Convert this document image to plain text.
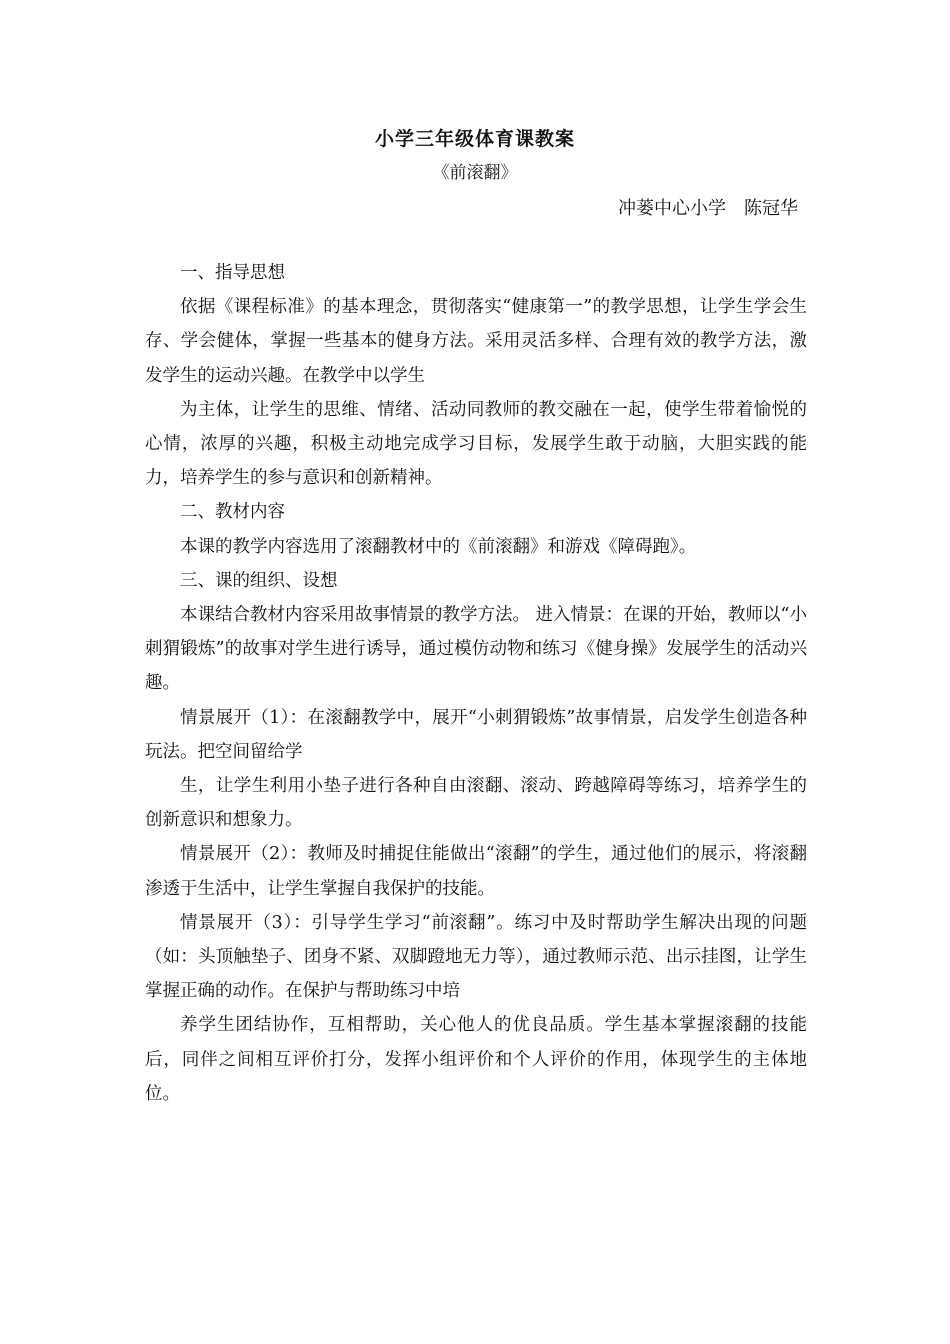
小学三年级体育课教案
《前滚翻》
冲蒌中心小学　陈冠华

一、指导思想

依据《课程标准》的基本理念，贯彻落实“健康第一”的教学思想，让学生学会生存、学会健体，掌握一些基本的健身方法。采用灵活多样、合理有效的教学方法，激发学生的运动兴趣。在教学中以学生

为主体，让学生的思维、情绪、活动同教师的教交融在一起，使学生带着愉悦的心情，浓厚的兴趣，积极主动地完成学习目标，发展学生敢于动脑，大胆实践的能力，培养学生的参与意识和创新精神。

二、教材内容

本课的教学内容选用了滚翻教材中的《前滚翻》和游戏《障碍跑》。

三、课的组织、设想

本课结合教材内容采用故事情景的教学方法。 进入情景：在课的开始，教师以“小刺猬锻炼”的故事对学生进行诱导，通过模仿动物和练习《健身操》发展学生的活动兴趣。

情景展开（1）：在滚翻教学中，展开“小刺猬锻炼”故事情景，启发学生创造各种玩法。把空间留给学

生，让学生利用小垫子进行各种自由滚翻、滚动、跨越障碍等练习，培养学生的创新意识和想象力。

情景展开（2）：教师及时捕捉住能做出“滚翻”的学生，通过他们的展示，将滚翻渗透于生活中，让学生掌握自我保护的技能。

情景展开（3）：引导学生学习“前滚翻”。练习中及时帮助学生解决出现的问题（如：头顶触垫子、团身不紧、双脚蹬地无力等），通过教师示范、出示挂图，让学生掌握正确的动作。在保护与帮助练习中培

养学生团结协作，互相帮助，关心他人的优良品质。学生基本掌握滚翻的技能后，同伴之间相互评价打分，发挥小组评价和个人评价的作用，体现学生的主体地位。
